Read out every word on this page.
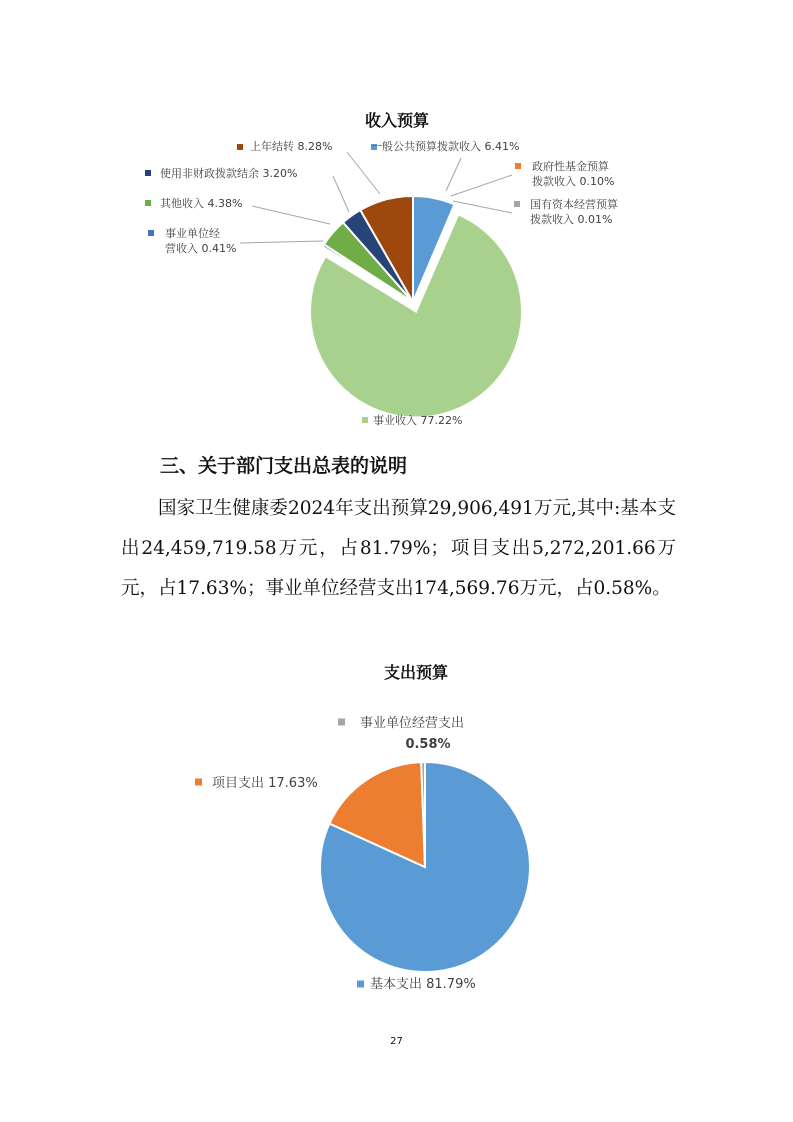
收入预算
一般公共预算拨款收入 6.41%
政府性基金预算
拨款收入 0.10%
国有资本经营预算
拨款收入 0.01%
事业收入 77.22%
事业单位经
营收入 0.41%
其他收入 4.38%
使用非财政拨款结余 3.20%
上年结转 8.28%
三、关于部门支出总表的说明

国家卫生健康委2024年支出预算29,906,491万元,其中:基本支出24,459,719.58万元，占81.79%；项目支出5,272,201.66万元，占17.63%；事业单位经营支出174,569.76万元，占0.58%。

支出预算
基本支出 81.79%
项目支出 17.63%
事业单位经营支出
0.58%
27
